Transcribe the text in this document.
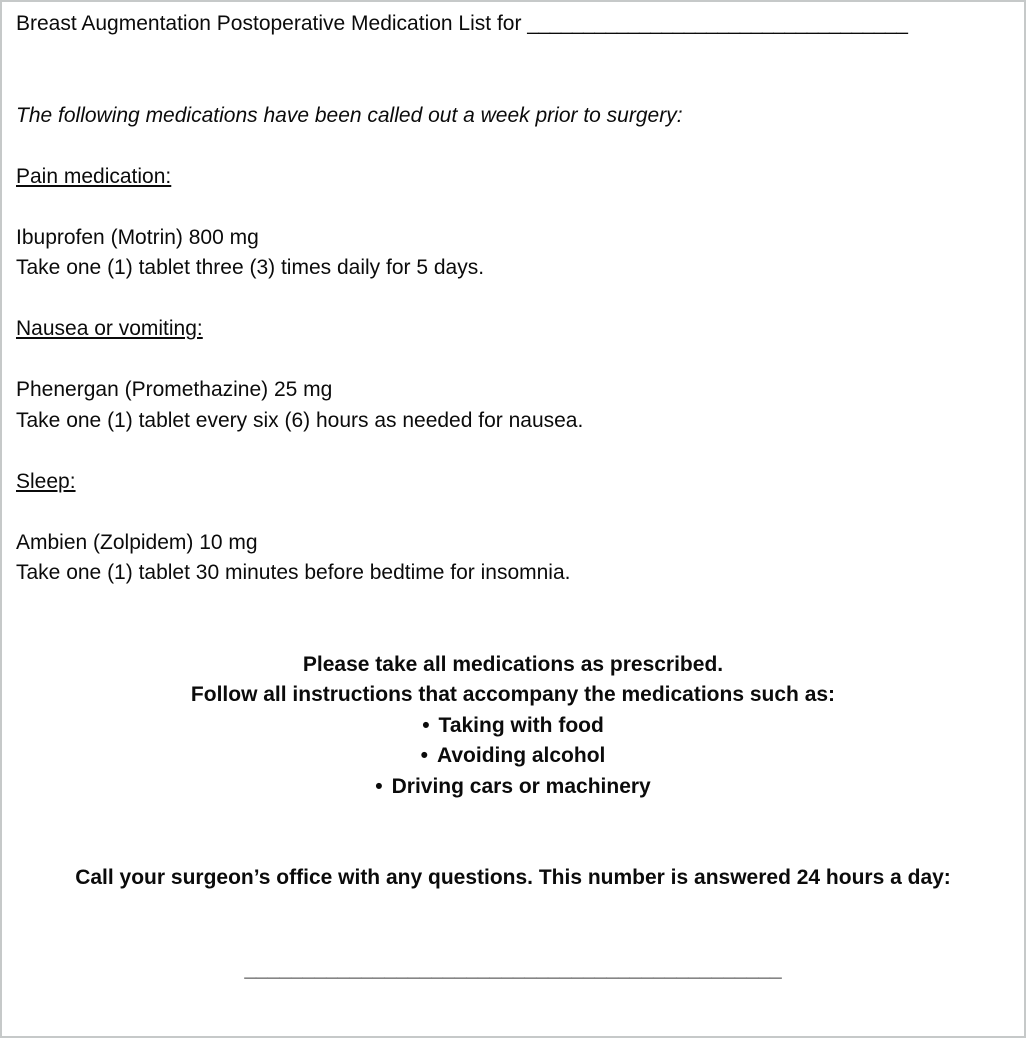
Breast Augmentation Postoperative Medication List for __________________________________

The following medications have been called out a week prior to surgery:

Pain medication:

Ibuprofen (Motrin) 800 mg
Take one (1) tablet three (3) times daily for 5 days.

Nausea or vomiting:

Phenergan (Promethazine) 25 mg
Take one (1) tablet every six (6) hours as needed for nausea.

Sleep:

Ambien (Zolpidem) 10 mg
Take one (1) tablet 30 minutes before bedtime for insomnia.

Please take all medications as prescribed.

Follow all instructions that accompany the medications such as:

• Taking with food

• Avoiding alcohol

• Driving cars or machinery

Call your surgeon’s office with any questions. This number is answered 24 hours a day:

______________________________________________
